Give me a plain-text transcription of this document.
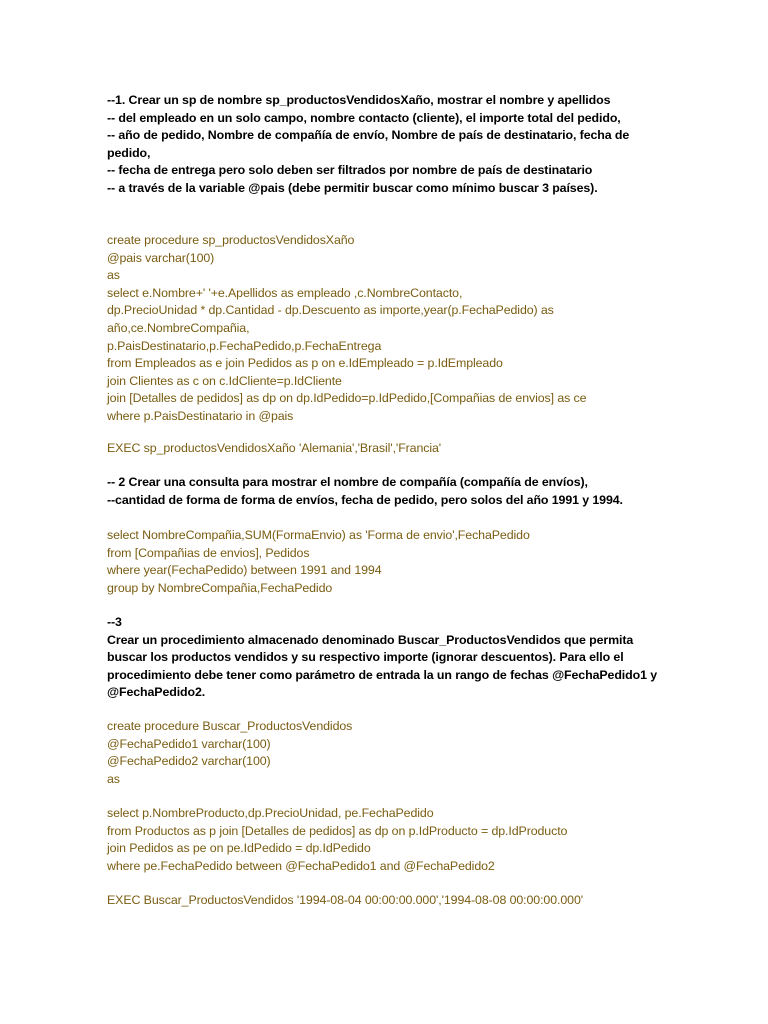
--1. Crear un sp de nombre sp_productosVendidosXaño, mostrar el nombre y apellidos
-- del empleado en un solo campo, nombre contacto (cliente), el importe total del pedido,
-- año de pedido, Nombre de compañía de envío, Nombre de país de destinatario, fecha de
pedido,
-- fecha de entrega pero solo deben ser filtrados por nombre de país de destinatario
-- a través de la variable @pais (debe permitir buscar como mínimo buscar 3 países).
create procedure sp_productosVendidosXaño
@pais varchar(100)
as
select e.Nombre+' '+e.Apellidos as empleado ,c.NombreContacto,
dp.PrecioUnidad * dp.Cantidad - dp.Descuento as importe,year(p.FechaPedido) as
año,ce.NombreCompañia,
p.PaisDestinatario,p.FechaPedido,p.FechaEntrega
from Empleados as e join Pedidos as p on e.IdEmpleado = p.IdEmpleado
join Clientes as c on c.IdCliente=p.IdCliente
join [Detalles de pedidos] as dp on dp.IdPedido=p.IdPedido,[Compañias de envios] as ce
where p.PaisDestinatario in @pais
EXEC sp_productosVendidosXaño 'Alemania','Brasil','Francia'
-- 2 Crear una consulta para mostrar el nombre de compañía (compañía de envíos),
--cantidad de forma de forma de envíos, fecha de pedido, pero solos del año 1991 y 1994.
select NombreCompañia,SUM(FormaEnvio) as 'Forma de envio',FechaPedido
from [Compañias de envios], Pedidos
where year(FechaPedido) between 1991 and 1994
group by NombreCompañia,FechaPedido
--3
Crear un procedimiento almacenado denominado Buscar_ProductosVendidos que permita
buscar los productos vendidos y su respectivo importe (ignorar descuentos). Para ello el
procedimiento debe tener como parámetro de entrada la un rango de fechas @FechaPedido1 y
@FechaPedido2.
create procedure Buscar_ProductosVendidos
@FechaPedido1 varchar(100)
@FechaPedido2 varchar(100)
as
select p.NombreProducto,dp.PrecioUnidad, pe.FechaPedido
from Productos as p join [Detalles de pedidos] as dp on p.IdProducto = dp.IdProducto
join Pedidos as pe on pe.IdPedido = dp.IdPedido
where pe.FechaPedido between @FechaPedido1 and @FechaPedido2
EXEC Buscar_ProductosVendidos '1994-08-04 00:00:00.000','1994-08-08 00:00:00.000'
